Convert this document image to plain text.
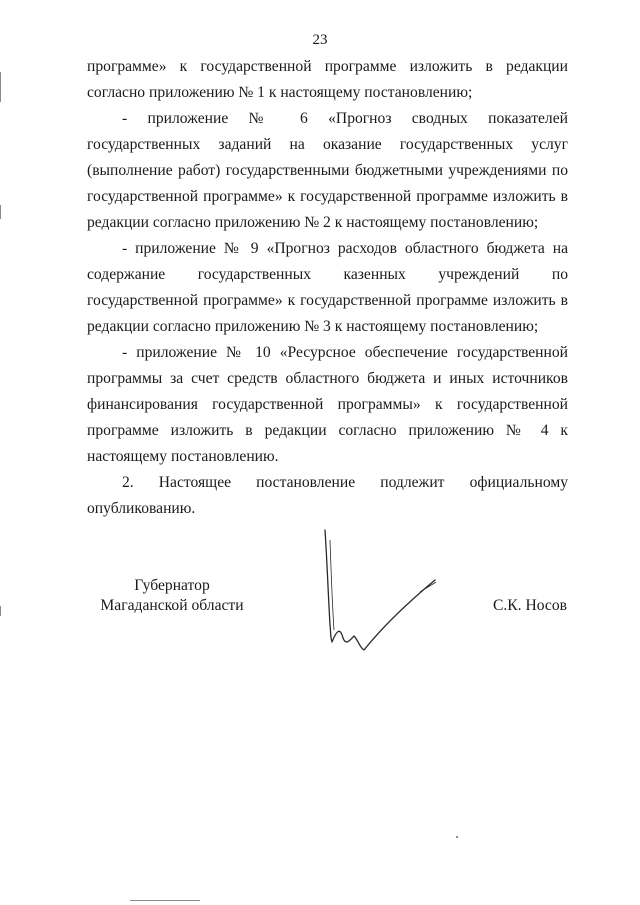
23

программе» к государственной программе изложить в редакции согласно приложению № 1 к настоящему постановлению;

- приложение № 6 «Прогноз сводных показателей государственных заданий на оказание государственных услуг (выполнение работ) государственными бюджетными учреждениями по государственной программе» к государственной программе изложить в редакции согласно приложению № 2 к настоящему постановлению;

- приложение № 9 «Прогноз расходов областного бюджета на содержание государственных казенных учреждений по государственной программе» к государственной программе изложить в редакции согласно приложению № 3 к настоящему постановлению;

- приложение № 10 «Ресурсное обеспечение государственной программы за счет средств областного бюджета и иных источников финансирования государственной программы» к государственной программе изложить в редакции согласно приложению № 4 к настоящему постановлению.

2. Настоящее постановление подлежит официальному опубликованию.

Губернатор
Магаданской области	С.К. Носов
